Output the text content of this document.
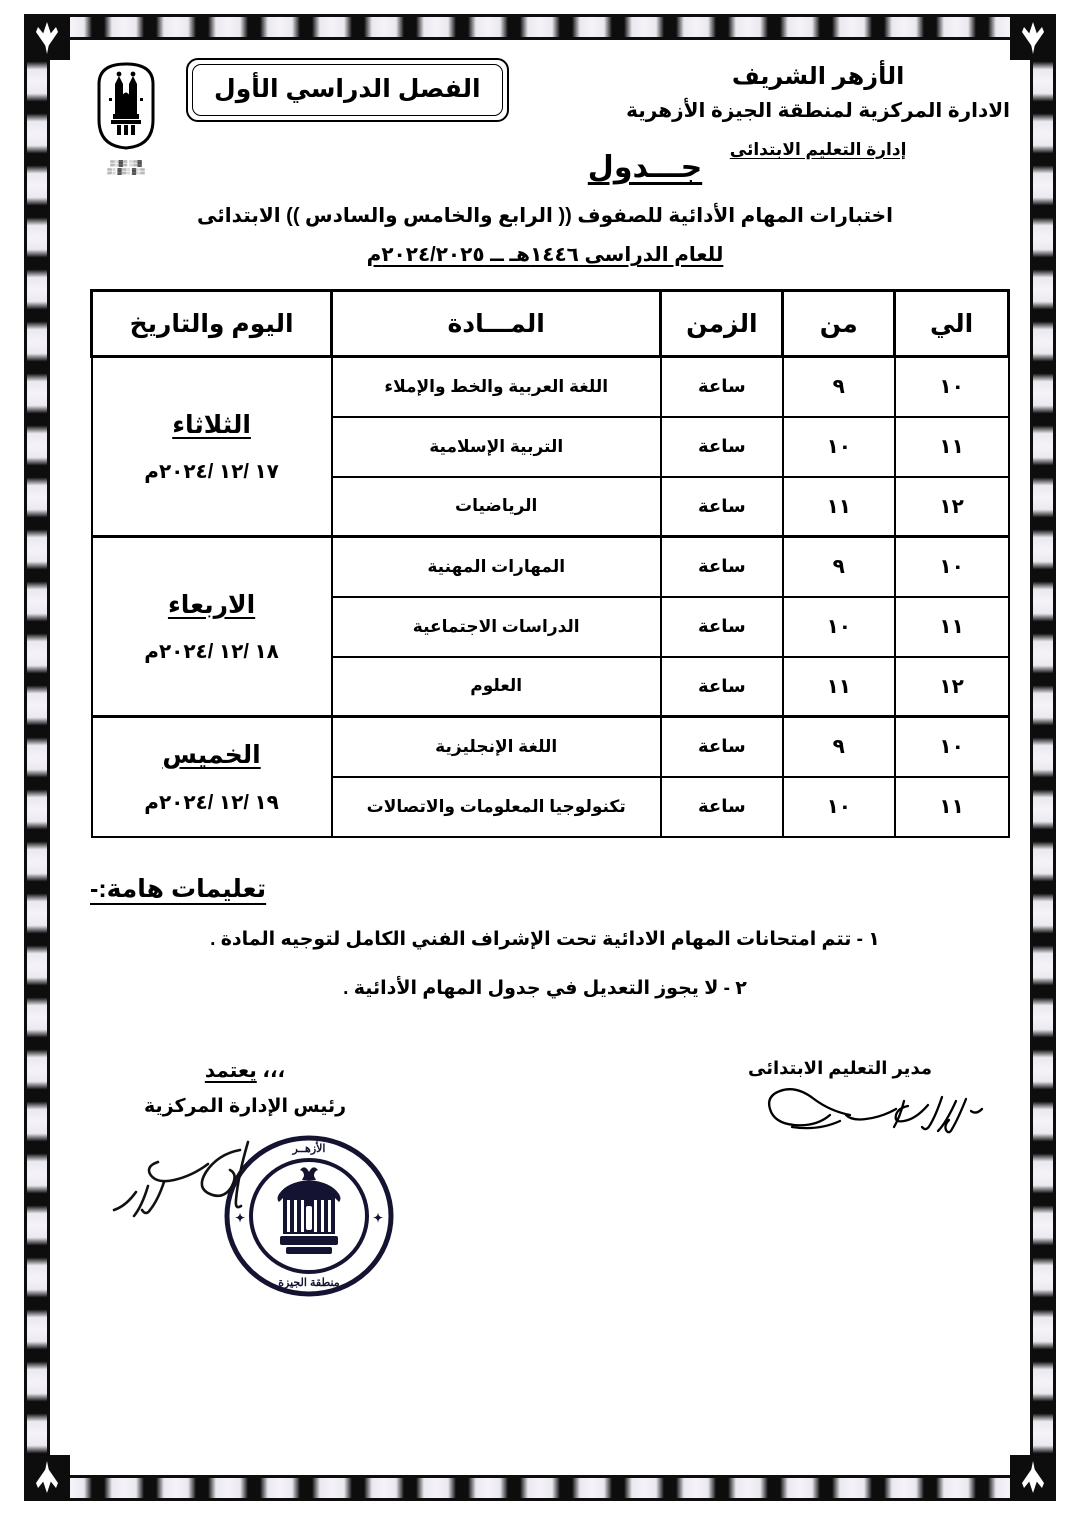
الأزهر الشريف
الادارة المركزية لمنطقة الجيزة الأزهرية
إدارة التعليم الابتدائى
الفصل الدراسي الأول
▓▒░ ▒▓░▒
▒░▓ ░▒▓ ░▒	جـــدول
اختبارات المهام الأدائية للصفوف (( الرابع والخامس والسادس )) الابتدائى
للعام الدراسى ١٤٤٦هـ ــ ٢٠٢٤/٢٠٢٥م
الي	من	الزمن	المـــادة	اليوم والتاريخ
١٠	٩	ساعة	اللغة العربية والخط والإملاء	الثلاثاء
١٧ /١٢ /٢٠٢٤م

١١	١٠	ساعة	التربية الإسلامية	
١٢	١١	ساعة	الرياضيات	
١٠	٩	ساعة	المهارات المهنية	الاربعاء
١٨ /١٢ /٢٠٢٤م

١١	١٠	ساعة	الدراسات الاجتماعية	
١٢	١١	ساعة	العلوم	
١٠	٩	ساعة	اللغة الإنجليزية	الخميس
١٩ /١٢ /٢٠٢٤م

١١	١٠	ساعة	تكنولوجيا المعلومات والاتصالات	
تعليمات هامة:-
١ - تتم امتحانات المهام الادائية تحت الإشراف الفني الكامل لتوجيه المادة .
٢ - لا يجوز التعديل في جدول المهام الأدائية .
مدير التعليم الابتدائى
،،، يعتمد
رئيس الإدارة المركزية
الأزهــر
منطقة الجيزة
✦	✦
